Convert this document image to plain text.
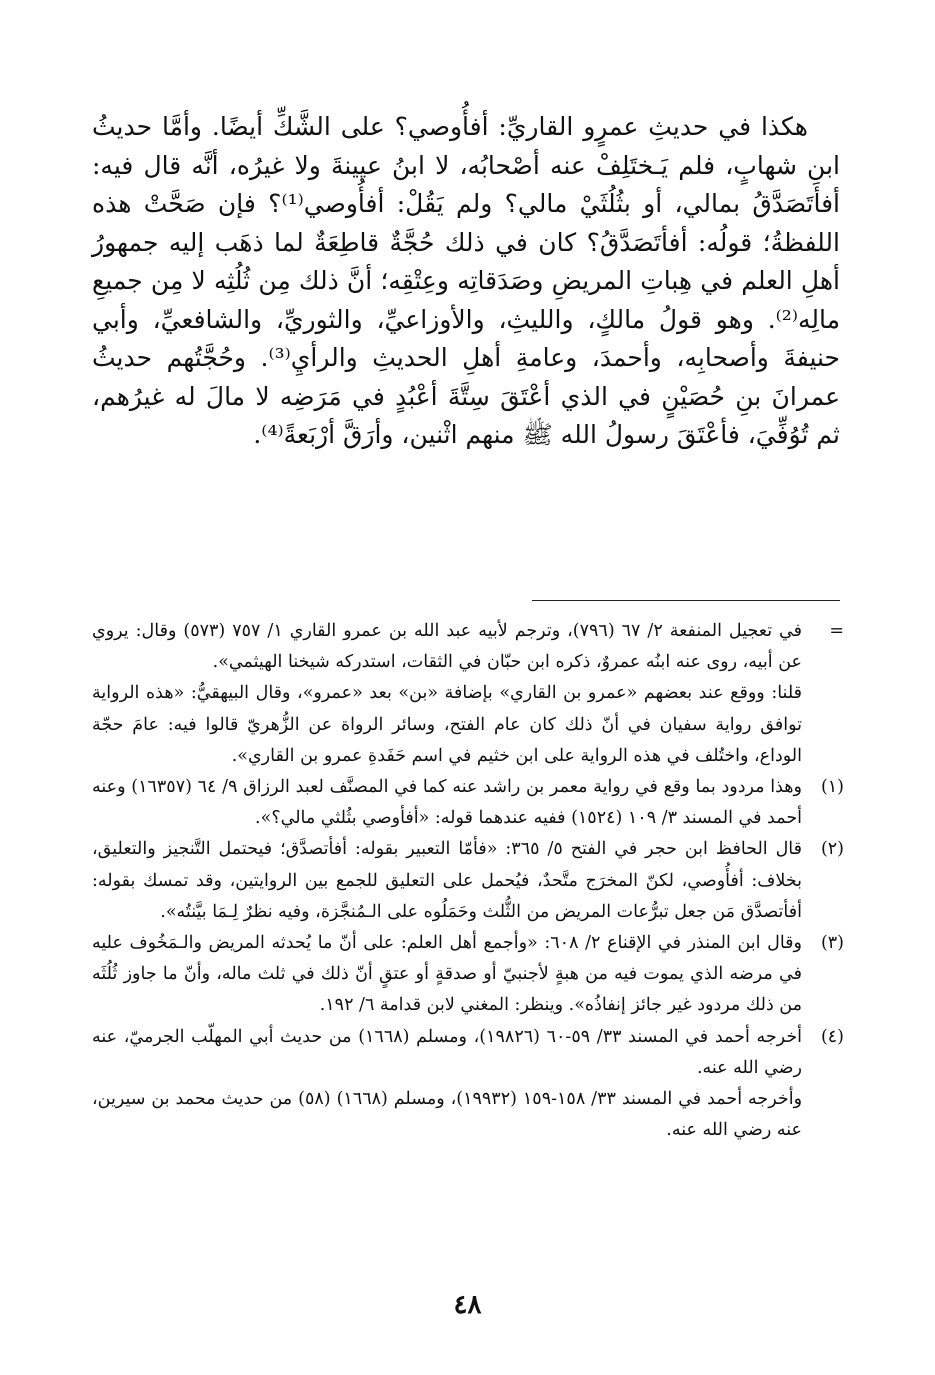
هكذا في حديثِ عمرٍو القاريِّ: أفأُوصي؟ على الشَّكِّ أيضًا. وأمَّا حديثُ ابنِ شهابٍ، فلم يَـختَلِفْ عنه أصْحابُه، لا ابنُ عيينةَ ولا غيرُه، أنَّه قال فيه: أفأتَصَدَّقُ بمالي، أو بثُلُثَيْ مالي؟ ولم يَقُلْ: أفأُوصي⁽¹⁾؟ فإن صَحَّتْ هذه اللفظةُ؛ قولُه: أفأتَصَدَّقُ؟ كان في ذلك حُجَّةٌ قاطِعَةٌ لما ذهَب إليه جمهورُ أهلِ العلم في هِباتِ المريضِ وصَدَقاتِه وعِتْقِه؛ أنَّ ذلك مِن ثُلُثِه لا مِن جميعِ مالِه⁽²⁾. وهو قولُ مالكٍ، والليثِ، والأوزاعيِّ، والثوريِّ، والشافعيِّ، وأبي حنيفةَ وأصحابِه، وأحمدَ، وعامةِ أهلِ الحديثِ والرأيِ⁽³⁾. وحُجَّتُهم حديثُ عمرانَ بنِ حُصَيْنٍ في الذي أعْتَقَ سِتَّةَ أعْبُدٍ في مَرَضِه لا مالَ له غيرُهم، ثم تُوُفِّيَ، فأعْتَقَ رسولُ الله ﷺ منهم اثْنين، وأرَقَّ أرْبَعةً⁽⁴⁾.

=

في تعجيل المنفعة ٢/ ٦٧ (٧٩٦)، وترجم لأبيه عبد الله بن عمرو القاري ١/ ٧٥٧ (٥٧٣) وقال: يروي عن أبيه، روى عنه ابنُه عمروٌ، ذكره ابن حبّان في الثقات، استدركه شيخنا الهيثمي».

قلنا: ووقع عند بعضهم «عمرو بن القاري» بإضافة «بن» بعد «عمرو»، وقال البيهقيُّ: «هذه الرواية توافق رواية سفيان في أنّ ذلك كان عام الفتح، وسائر الرواة عن الزُّهريّ قالوا فيه: عامَ حجّة الوداع، واختُلف في هذه الرواية على ابن خثيم في اسم حَفَدةِ عمرو بن القاري».

(١)

وهذا مردود بما وقع في رواية معمر بن راشد عنه كما في المصنَّف لعبد الرزاق ٩/ ٦٤ (١٦٣٥٧) وعنه أحمد في المسند ٣/ ١٠٩ (١٥٢٤) ففيه عندهما قوله: «أفأوصي بثُلثي مالي؟».

(٢)

قال الحافظ ابن حجر في الفتح ٥/ ٣٦٥: «فأمّا التعبير بقوله: أفأتصدَّق؛ فيحتمل التَّنجيز والتعليق، بخلاف: أفأُوصي، لكنّ المخرَج متَّحدٌ، فيُحمل على التعليق للجمع بين الروايتين، وقد تمسك بقوله: أفأتصدَّق مَن جعل تبرُّعات المريض من الثُّلث وحَمَلُوه على الـمُنجَّزة، وفيه نظرٌ لِـمَا بيَّنتُه».

(٣)

وقال ابن المنذر في الإقناع ٢/ ٦٠٨: «وأجمع أهل العلم: على أنّ ما يُحدثه المريض والـمَخُوف عليه في مرضه الذي يموت فيه من هبةٍ لأجنبيّ أو صدقةٍ أو عتقٍ أنّ ذلك في ثلث ماله، وأنّ ما جاوز ثُلُثَه من ذلك مردود غير جائز إنفاذُه». وينظر: المغني لابن قدامة ٦/ ١٩٢.

(٤)

أخرجه أحمد في المسند ٣٣/ ٥٩-٦٠ (١٩٨٢٦)، ومسلم (١٦٦٨) من حديث أبي المهلّب الجرميّ، عنه رضي الله عنه.

وأخرجه أحمد في المسند ٣٣/ ١٥٨-١٥٩ (١٩٩٣٢)، ومسلم (١٦٦٨) (٥٨) من حديث محمد بن سيرين، عنه رضي الله عنه.

٤٨
